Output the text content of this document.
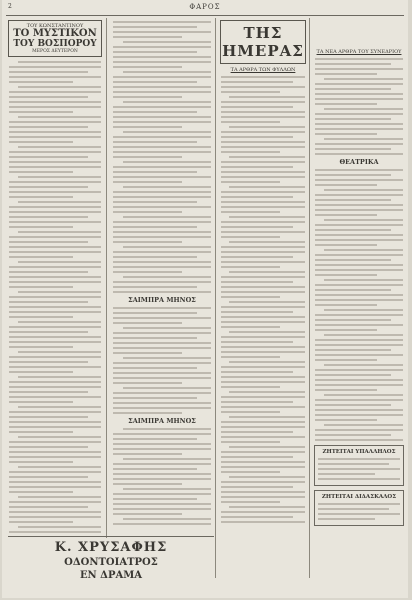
2	ΦΑΡΟΣ
ΤΟΥ ΚΩΝΣΤΑΝΤΙΝΟΥ
ΤΟ ΜΥΣΤΙΚΟΝ
ΤΟΥ ΒΟΣΠΟΡΟΥ
ΜΕΡΟΣ ΔΕΥΤΕΡΟΝ
ΣΑΙΜΠΡΑ ΜΗΝΟΣ
ΣΑΙΜΠΡΑ ΜΗΝΟΣ
Κ. ΧΡΥΣΑΦΗΣ
ΟΔΟΝΤΟΙΑΤΡΟΣ
ΕΝ ΔΡΑΜΑ
ΤΗΣ ΗΜΕΡΑΣ
ΤΑ ΑΡΘΡΑ ΤΩΝ ΦΥΛΛΩΝ
ΤΑ ΝΕΑ ΑΡΘΡΑ ΤΟΥ ΣΥΝΕΔΡΙΟΥ
ΘΕΑΤΡΙΚΑ
ΖΗΤΕΙΤΑΙ ΥΠΑΛΛΗΛΟΣ
ΖΗΤΕΙΤΑΙ ΔΙΔΑΣΚΑΛΟΣ
